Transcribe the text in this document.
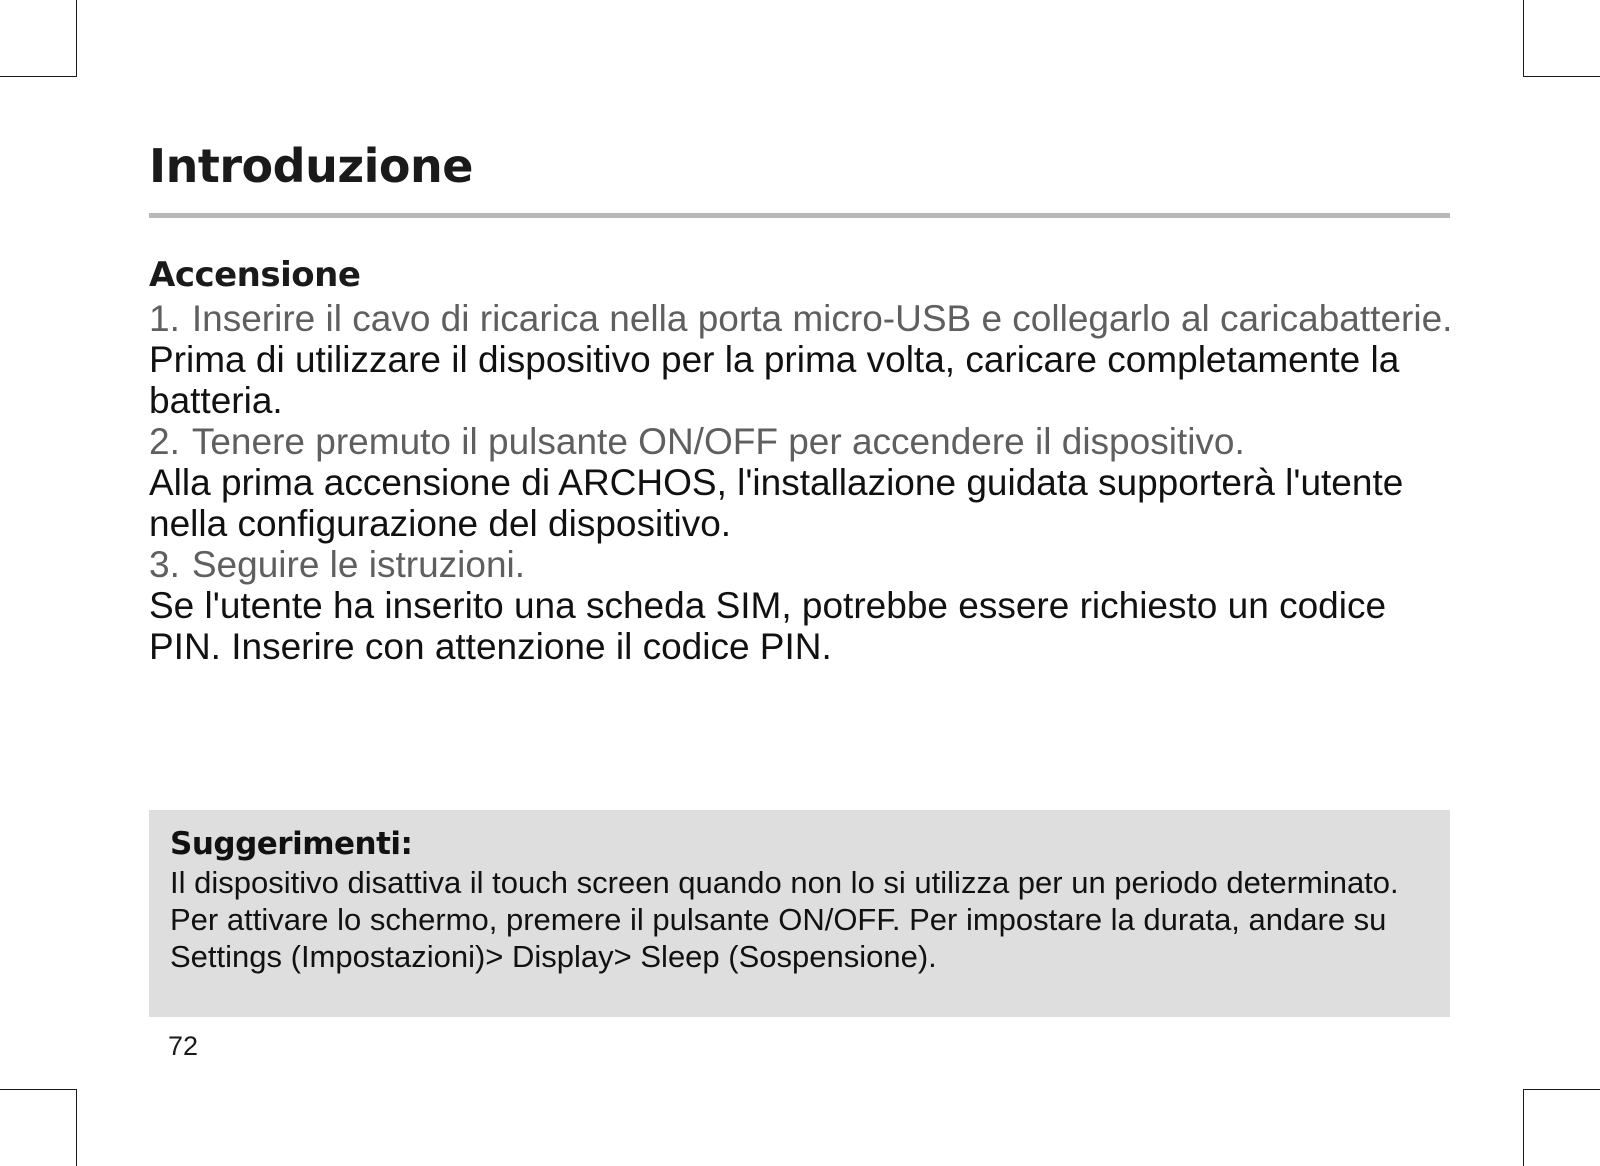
Introduzione
Accensione

1. Inserire il cavo di ricarica nella porta micro-USB e collegarlo al caricabatterie.

Prima di utilizzare il dispositivo per la prima volta, caricare completamente la batteria.

2. Tenere premuto il pulsante ON/OFF per accendere il dispositivo.

Alla prima accensione di ARCHOS, l'installazione guidata supporterà l'utente nella configurazione del dispositivo.

3. Seguire le istruzioni.

Se l'utente ha inserito una scheda SIM, potrebbe essere richiesto un codice PIN. Inserire con attenzione il codice PIN.

Suggerimenti:

Il dispositivo disattiva il touch screen quando non lo si utilizza per un periodo determinato. Per attivare lo schermo, premere il pulsante ON/OFF. Per impostare la durata, andare su Settings (Impostazioni)> Display> Sleep (Sospensione).

72
